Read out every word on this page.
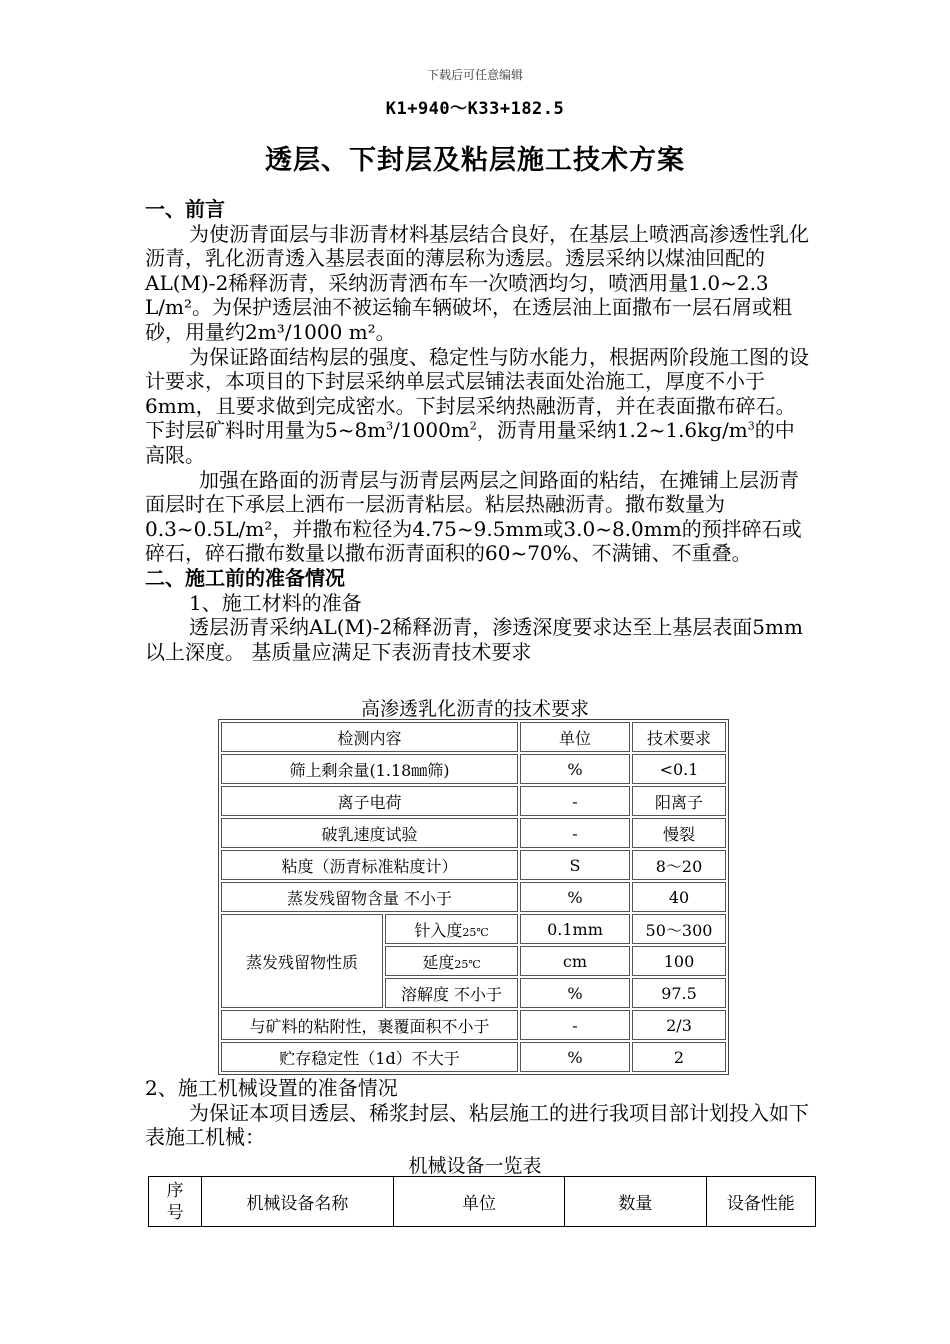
下载后可任意编辑
K1+940～K33+182.5
透层、下封层及粘层施工技术方案

一、前言

为使沥青面层与非沥青材料基层结合良好，在基层上喷洒高渗透性乳化沥青，乳化沥青透入基层表面的薄层称为透层。透层采纳以煤油回配的AL(M)-2稀释沥青，采纳沥青洒布车一次喷洒均匀，喷洒用量1.0~2.3 L/m²。为保护透层油不被运输车辆破坏，在透层油上面撒布一层石屑或粗砂，用量约2m³/1000 m²。

为保证路面结构层的强度、稳定性与防水能力，根据两阶段施工图的设计要求，本项目的下封层采纳单层式层铺法表面处治施工，厚度不小于6mm，且要求做到完成密水。下封层采纳热融沥青，并在表面撒布碎石。下封层矿料时用量为$5\sim 8m^3/1000m^2$，沥青用量采纳$1.2\sim 1.6kg/m^3$的中高限。

加强在路面的沥青层与沥青层两层之间路面的粘结，在摊铺上层沥青面层时在下承层上洒布一层沥青粘层。粘层热融沥青。撒布数量为0.3~0.5L/m²，并撒布粒径为4.75~9.5mm或3.0~8.0mm的预拌碎石或碎石，碎石撒布数量以撒布沥青面积的60~70%、不满铺、不重叠。

二、施工前的准备情况

1、施工材料的准备

透层沥青采纳AL(M)-2稀释沥青，渗透深度要求达至上基层表面5mm以上深度。 基质量应满足下表沥青技术要求

高渗透乳化沥青的技术要求
检测内容		单位	技术要求
筛上剩余量(1.18㎜筛)		%	<0.1
离子电荷		-	阳离子
破乳速度试验		-	慢裂
粘度（沥青标准粘度计）		S	8～20
蒸发残留物含量 不小于		%	40
蒸发残留物性质	针入度25℃	0.1mm	50～300
	延度25℃	cm	100
	溶解度 不小于	%	97.5
与矿料的粘附性，裹覆面积不小于		-	2/3
贮存稳定性（1d）不大于		%	2

2、施工机械设置的准备情况

为保证本项目透层、稀浆封层、粘层施工的进行我项目部计划投入如下表施工机械：

机械设备一览表
序
号	机械设备名称	单位	数量	设备性能
